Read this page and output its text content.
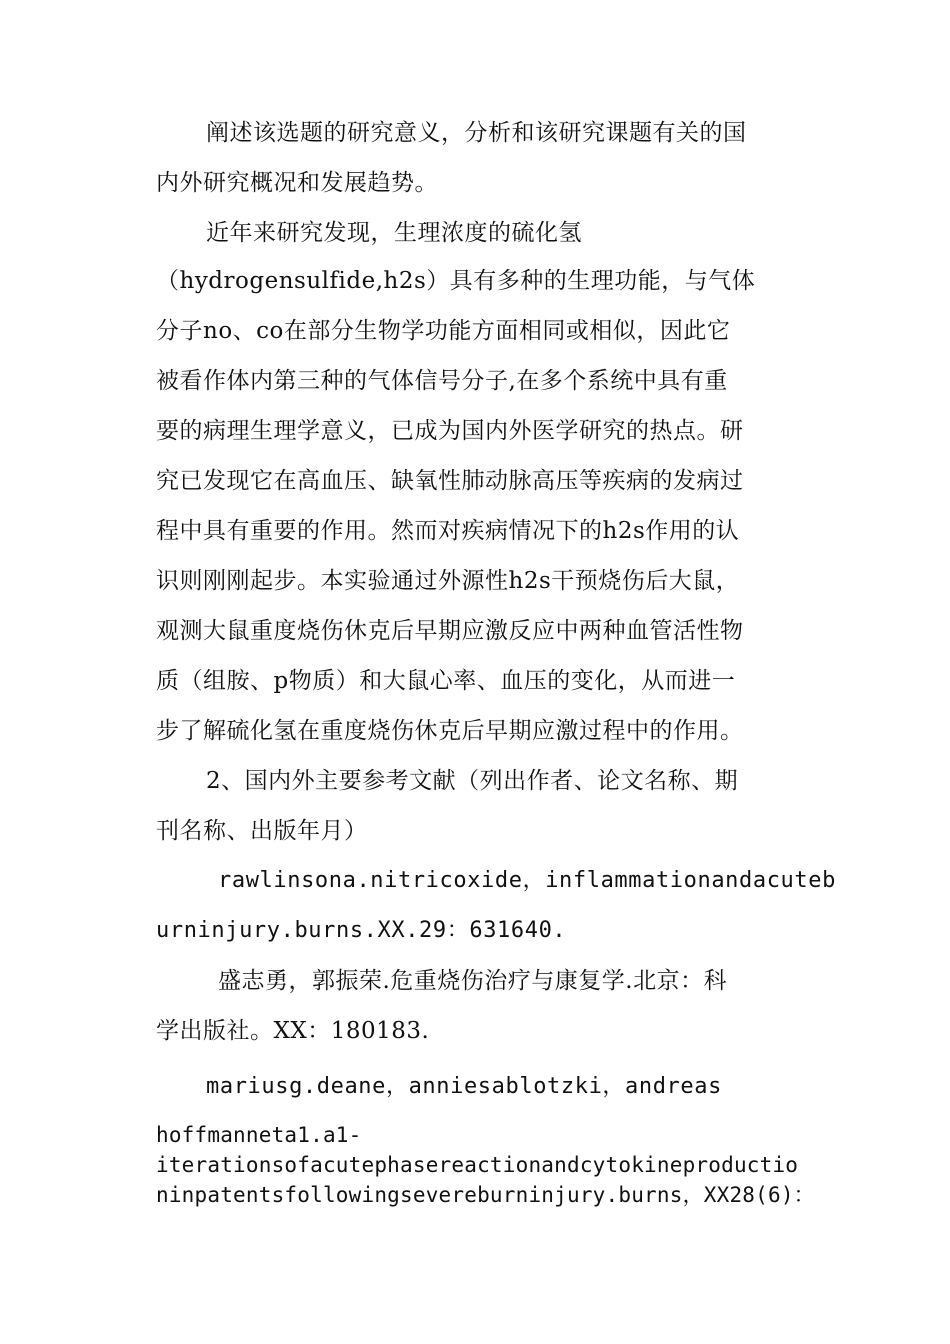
阐述该选题的研究意义，分析和该研究课题有关的国
内外研究概况和发展趋势。
近年来研究发现，生理浓度的硫化氢
（hydrogensulfide,h2s）具有多种的生理功能，与气体
分子no、co在部分生物学功能方面相同或相似，因此它
被看作体内第三种的气体信号分子,在多个系统中具有重
要的病理生理学意义，已成为国内外医学研究的热点。研
究已发现它在高血压、缺氧性肺动脉高压等疾病的发病过
程中具有重要的作用。然而对疾病情况下的h2s作用的认
识则刚刚起步。本实验通过外源性h2s干预烧伤后大鼠，
观测大鼠重度烧伤休克后早期应激反应中两种血管活性物
质（组胺、p物质）和大鼠心率、血压的变化，从而进一
步了解硫化氢在重度烧伤休克后早期应激过程中的作用。
2、国内外主要参考文献（列出作者、论文名称、期
刊名称、出版年月）
rawlinsona.nitricoxide，inflammationandacuteb
urninjury.burns.XX.29：631640.
盛志勇，郭振荣.危重烧伤治疗与康复学.北京：科
学出版社。XX：180183.
mariusg.deane，anniesablotzki，andreas
hoffmanneta1.a1-
iterationsofacutephasereactionandcytokineproductio
ninpatentsfollowingsevereburninjury.burns，XX28(6)：
